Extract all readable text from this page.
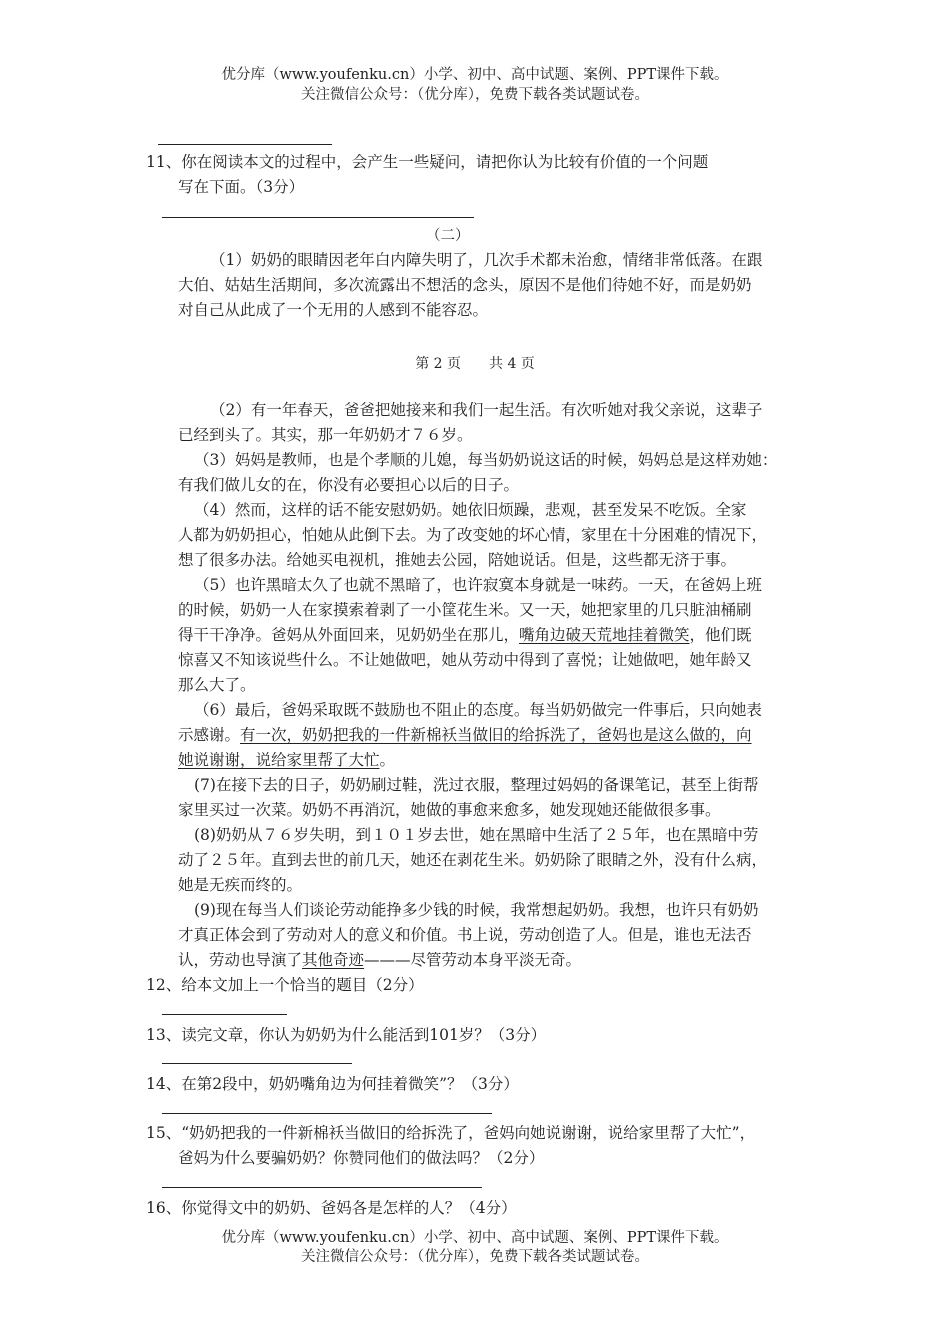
优分库（www.youfenku.cn）小学、初中、高中试题、案例、PPT课件下载。
关注微信公众号：（优分库），免费下载各类试题试卷。
11、你在阅读本文的过程中，会产生一些疑问，请把你认为比较有价值的一个问题
写在下面。（3分）
（二）
（1）奶奶的眼睛因老年白内障失明了，几次手术都未治愈，情绪非常低落。在跟
大伯、姑姑生活期间，多次流露出不想活的念头，原因不是他们待她不好，而是奶奶
对自己从此成了一个无用的人感到不能容忍。
第 2 页　　共 4 页
（2）有一年春天，爸爸把她接来和我们一起生活。有次听她对我父亲说，这辈子
已经到头了。其实，那一年奶奶才７６岁。
（3）妈妈是教师，也是个孝顺的儿媳，每当奶奶说这话的时候，妈妈总是这样劝她：
有我们做儿女的在，你没有必要担心以后的日子。
（4）然而，这样的话不能安慰奶奶。她依旧烦躁，悲观，甚至发呆不吃饭。全家
人都为奶奶担心，怕她从此倒下去。为了改变她的坏心情，家里在十分困难的情况下，
想了很多办法。给她买电视机，推她去公园，陪她说话。但是，这些都无济于事。
（5）也许黑暗太久了也就不黑暗了，也许寂寞本身就是一味药。一天，在爸妈上班
的时候，奶奶一人在家摸索着剥了一小筐花生米。又一天，她把家里的几只脏油桶刷
得干干净净。爸妈从外面回来，见奶奶坐在那儿，嘴角边破天荒地挂着微笑，他们既
惊喜又不知该说些什么。不让她做吧，她从劳动中得到了喜悦；让她做吧，她年龄又
那么大了。
（6）最后，爸妈采取既不鼓励也不阻止的态度。每当奶奶做完一件事后，只向她表
示感谢。有一次，奶奶把我的一件新棉袄当做旧的给拆洗了，爸妈也是这么做的，向
她说谢谢，说给家里帮了大忙。
(7)在接下去的日子，奶奶刷过鞋，洗过衣服，整理过妈妈的备课笔记，甚至上街帮
家里买过一次菜。奶奶不再消沉，她做的事愈来愈多，她发现她还能做很多事。
(8)奶奶从７６岁失明，到１０１岁去世，她在黑暗中生活了２５年，也在黑暗中劳
动了２５年。直到去世的前几天，她还在剥花生米。奶奶除了眼睛之外，没有什么病，
她是无疾而终的。
(9)现在每当人们谈论劳动能挣多少钱的时候，我常想起奶奶。我想，也许只有奶奶
才真正体会到了劳动对人的意义和价值。书上说，劳动创造了人。但是，谁也无法否
认，劳动也导演了其他奇迹———尽管劳动本身平淡无奇。
12、给本文加上一个恰当的题目（2分）
13、读完文章，你认为奶奶为什么能活到101岁？（3分）
14、在第2段中，奶奶嘴角边为何挂着微笑”？（3分）
15、“奶奶把我的一件新棉袄当做旧的给拆洗了，爸妈向她说谢谢，说给家里帮了大忙”，
爸妈为什么要骗奶奶？你赞同他们的做法吗？（2分）
16、你觉得文中的奶奶、爸妈各是怎样的人？（4分）
优分库（www.youfenku.cn）小学、初中、高中试题、案例、PPT课件下载。
关注微信公众号：（优分库），免费下载各类试题试卷。
